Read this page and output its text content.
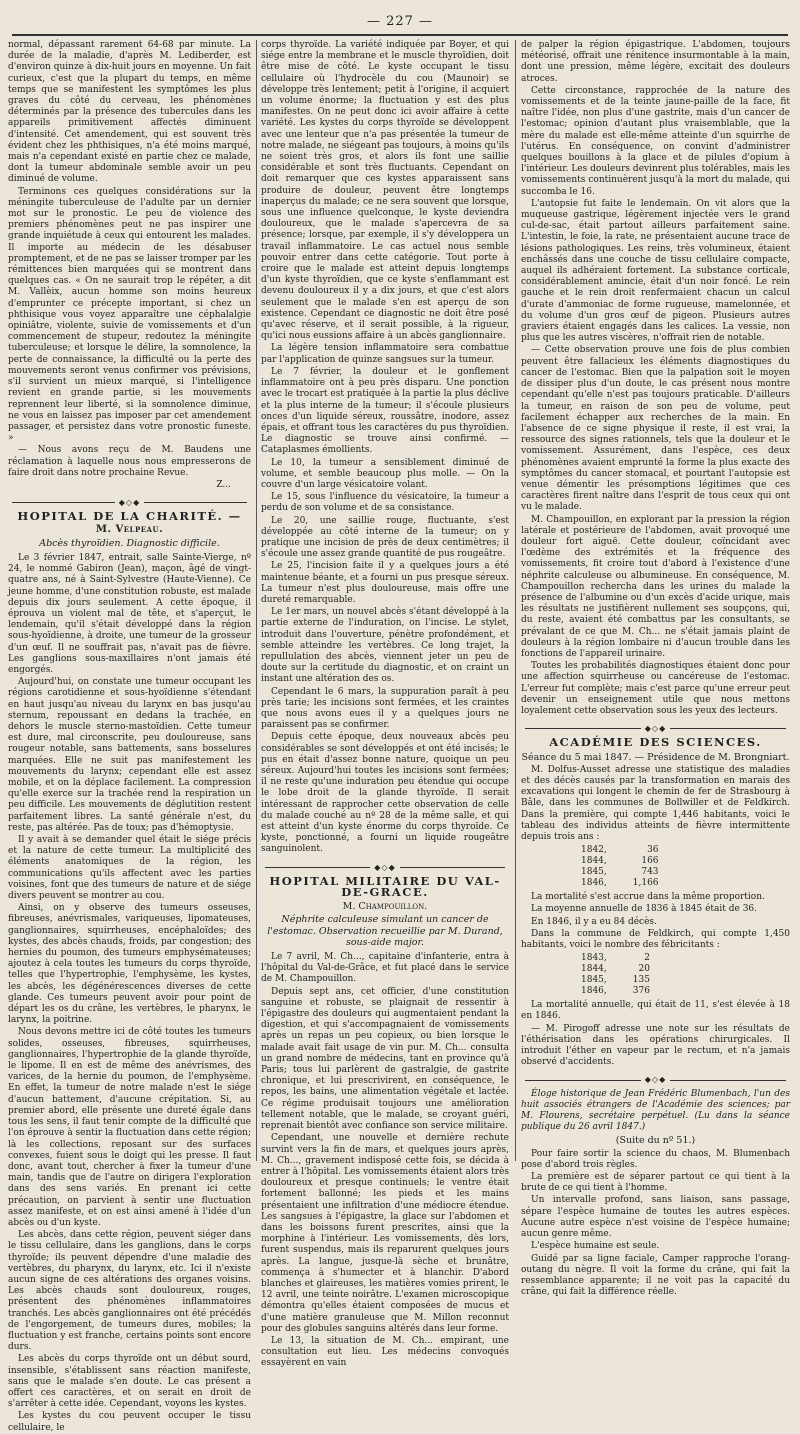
— 227 —

normal, dépassant rarement 64-68 par minute. La durée de la maladie, d'après M. Lediberder, est d'environ quinze à dix-huit jours en moyenne. Un fait curieux, c'est que la plupart du temps, en même temps que se manifestent les symptômes les plus graves du côté du cerveau, les phénomènes déterminés par la présence des tubercules dans les appareils primitivement affectés diminuent d'intensité. Cet amendement, qui est souvent très évident chez les phthisiques, n'a été moins marqué, mais n'a cependant existé en partie chez ce malade, dont la tumeur abdominale semble avoir un peu diminué de volume.

Terminons ces quelques considérations sur la méningite tuberculeuse de l'adulte par un dernier mot sur le pronostic. Le peu de violence des premiers phénomènes peut ne pas inspirer une grande inquiétude à ceux qui entourent les malades. Il importe au médecin de les désabuser promptement, et de ne pas se laisser tromper par les rémittences bien marquées qui se montrent dans quelques cas. « On ne saurait trop le répéter, a dit M. Vallèix, aucun homme son moins heureux d'emprunter ce précepte important, si chez un phthisique vous voyez apparaître une céphalalgie opiniâtre, violente, suivie de vomissements et d'un commencement de stupeur, redoutez la méningite tuberculeuse; et lorsque le délire, la somnolence, la perte de connaissance, la difficulté ou la perte des mouvements seront venus confirmer vos prévisions, s'il survient un mieux marqué, si l'intelligence revient en grande partie, si les mouvements reprennent leur liberté, si la somnolence diminue, ne vous en laissez pas imposer par cet amendement passager, et persistez dans votre pronostic funeste. »

— Nous avons reçu de M. Baudens une réclamation à laquelle nous nous empresserons de faire droit dans notre prochaine Revue.

Z...

◆◇◆
HOPITAL DE LA CHARITÉ. — M. Velpeau.
Abcès thyroïdien. Diagnostic difficile.

Le 3 février 1847, entrait, salle Sainte-Vierge, nº 24, le nommé Gabiron (Jean), maçon, âgé de vingt-quatre ans, né à Saint-Sylvestre (Haute-Vienne). Ce jeune homme, d'une constitution robuste, est malade depuis dix jours seulement. A cette époque, il éprouva un violent mal de tête, et s'aperçut, le lendemain, qu'il s'était développé dans la région sous-hyoïdienne, à droite, une tumeur de la grosseur d'un œuf. Il ne souffrait pas, n'avait pas de fièvre. Les ganglions sous-maxillaires n'ont jamais été engorgés.

Aujourd'hui, on constate une tumeur occupant les régions carotidienne et sous-hyoïdienne s'étendant en haut jusqu'au niveau du larynx en bas jusqu'au sternum, repoussant en dedans la trachée, en dehors le muscle sterno-mastoïdien. Cette tumeur est dure, mal circonscrite, peu douloureuse, sans rougeur notable, sans battements, sans bosselures marquées. Elle ne suit pas manifestement les mouvements du larynx; cependant elle est assez mobile, et on la déplace facilement. La compression qu'elle exerce sur la trachée rend la respiration un peu difficile. Les mouvements de déglutition restent parfaitement libres. La santé générale n'est, du reste, pas altérée. Pas de toux; pas d'hémoptysie.

Il y avait à se demander quel était le siége précis et la nature de cette tumeur. La multiplicité des éléments anatomiques de la région, les communications qu'ils affectent avec les parties voisines, font que des tumeurs de nature et de siége divers peuvent se montrer au cou.

Ainsi, on y observe des tumeurs osseuses, fibreuses, anévrismales, variqueuses, lipomateuses, ganglionnaires, squirrheuses, encéphaloïdes; des kystes, des abcès chauds, froids, par congestion; des hernies du poumon, des tumeurs emphysémateuses; ajoutez à cela toutes les tumeurs du corps thyroïde, telles que l'hypertrophie, l'emphysème, les kystes, les abcès, les dégénérescences diverses de cette glande. Ces tumeurs peuvent avoir pour point de départ les os du crâne, les vertèbres, le pharynx, le larynx, la poitrine.

Nous devons mettre ici de côté toutes les tumeurs solides, osseuses, fibreuses, squirrheuses, ganglionnaires, l'hypertrophie de la glande thyroïde, le lipome. Il en est de même des anévrismes, des varices, de la hernie du poumon, de l'emphysème. En effet, la tumeur de notre malade n'est le siége d'aucun battement, d'aucune crépitation. Si, au premier abord, elle présente une dureté égale dans tous les sens, il faut tenir compte de la difficulté que l'on éprouve à sentir la fluctuation dans cette région; là les collections, reposant sur des surfaces convexes, fuient sous le doigt qui les presse. Il faut donc, avant tout, chercher à fixer la tumeur d'une main, tandis que de l'autre on dirigera l'exploration dans des sens variés. En prenant ici cette précaution, on parvient à sentir une fluctuation assez manifeste, et on est ainsi amené à l'idée d'un abcès ou d'un kyste.

Les abcès, dans cette région, peuvent siéger dans le tissu cellulaire, dans les ganglions, dans le corps thyroïde; ils peuvent dépendre d'une maladie des vertèbres, du pharynx, du larynx, etc. Ici il n'existe aucun signe de ces altérations des organes voisins. Les abcès chauds sont douloureux, rouges, présentent des phénomènes inflammatoires tranchés. Les abcès ganglionnaires ont été précédés de l'engorgement, de tumeurs dures, mobiles; la fluctuation y est franche, certains points sont encore durs.

Les abcès du corps thyroïde ont un début sourd, insensible, s'établissent sans réaction manifeste, sans que le malade s'en doute. Le cas présent a offert ces caractères, et on serait en droit de s'arrêter à cette idée. Cependant, voyons les kystes.

Les kystes du cou peuvent occuper le tissu cellulaire, le

corps thyroïde. La variété indiquée par Boyer, et qui siége entre la membrane et le muscle thyroïdien, doit être mise de côté. Le kyste occupant le tissu cellulaire où l'hydrocèle du cou (Maunoir) se développe très lentement; petit à l'origine, il acquiert un volume énorme; la fluctuation y est des plus manifestes. On ne peut donc ici avoir affaire à cette variété. Les kystes du corps thyroïde se développent avec une lenteur que n'a pas présentée la tumeur de notre malade, ne siégeant pas toujours, à moins qu'ils ne soient très gros, et alors ils font une saillie considérable et sont très fluctuants. Cependant on doit remarquer que ces kystes apparaissent sans produire de douleur, peuvent être longtemps inaperçus du malade; ce ne sera souvent que lorsque, sous une influence quelconque, le kyste deviendra douloureux, que le malade s'apercevra de sa présence; lorsque, par exemple, il s'y développera un travail inflammatoire. Le cas actuel nous semble pouvoir entrer dans cette catégorie. Tout porte à croire que le malade est atteint depuis longtemps d'un kyste thyroïdien, que ce kyste s'enflammant est devenu douloureux il y a dix jours, et que c'est alors seulement que le malade s'en est aperçu de son existence. Cependant ce diagnostic ne doit être posé qu'avec réserve, et il serait possible, à la rigueur, qu'ici nous eussions affaire à un abcès ganglionnaire.

La légère tension inflammatoire sera combattue par l'application de quinze sangsues sur la tumeur.

Le 7 février, la douleur et le gonflement inflammatoire ont à peu près disparu. Une ponction avec le trocart est pratiquée à la partie la plus déclive et la plus interne de la tumeur; il s'écoule plusieurs onces d'un liquide séreux, roussâtre, inodore, assez épais, et offrant tous les caractères du pus thyroïdien. Le diagnostic se trouve ainsi confirmé. — Cataplasmes émollients.

Le 10, la tumeur a sensiblement diminué de volume, et semble beaucoup plus molle. — On la couvre d'un large vésicatoire volant.

Le 15, sous l'influence du vésicatoire, la tumeur a perdu de son volume et de sa consistance.

Le 20, une saillie rouge, fluctuante, s'est développée au côté interne de la tumeur; on y pratique une incision de près de deux centimètres; il s'écoule une assez grande quantité de pus rougeâtre.

Le 25, l'incision faite il y a quelques jours a été maintenue béante, et a fourni un pus presque séreux. La tumeur n'est plus douloureuse, mais offre une dureté remarquable.

Le 1er mars, un nouvel abcès s'étant développé à la partie externe de l'induration, on l'incise. Le stylet, introduit dans l'ouverture, pénètre profondément, et semble atteindre les vertèbres. Ce long trajet, la repullulation des abcès, viennent jeter un peu de doute sur la certitude du diagnostic, et on craint un instant une altération des os.

Cependant le 6 mars, la suppuration paraît à peu près tarie; les incisions sont fermées, et les craintes que nous avons eues il y a quelques jours ne paraissent pas se confirmer.

Depuis cette époque, deux nouveaux abcès peu considérables se sont développés et ont été incisés; le pus en était d'assez bonne nature, quoique un peu séreux. Aujourd'hui toutes les incisions sont fermées; il ne reste qu'une induration peu étendue qui occupe le lobe droit de la glande thyroïde. Il serait intéressant de rapprocher cette observation de celle du malade couché au nº 28 de la même salle, et qui est atteint d'un kyste énorme du corps thyroïde. Ce kyste, ponctionné, a fourni un liquide rougeâtre sanguinolent.

◆◇◆
HOPITAL MILITAIRE DU VAL-DE-GRACE.
M. Champouillon.
Néphrite calculeuse simulant un cancer de l'estomac. Observation recueillie par M. Durand, sous-aide major.

Le 7 avril, M. Ch..., capitaine d'infanterie, entra à l'hôpital du Val-de-Grâce, et fut placé dans le service de M. Champouillon.

Depuis sept ans, cet officier, d'une constitution sanguine et robuste, se plaignait de ressentir à l'épigastre des douleurs qui augmentaient pendant la digestion, et qui s'accompagnaient de vomissements après un repas un peu copieux, ou bien lorsque le malade avait fait usage de vin pur. M. Ch... consulta un grand nombre de médecins, tant en province qu'à Paris; tous lui parlèrent de gastralgie, de gastrite chronique, et lui prescrivirent, en conséquence, le repos, les bains, une alimentation végétale et lactée. Ce régime produisait toujours une amélioration tellement notable, que le malade, se croyant guéri, reprenait bientôt avec confiance son service militaire.

Cependant, une nouvelle et dernière rechute survint vers la fin de mars, et quelques jours après, M. Ch..., gravement indisposé cette fois, se décida à entrer à l'hôpital. Les vomissements étaient alors très douloureux et presque continuels; le ventre était fortement ballonné; les pieds et les mains présentaient une infiltration d'une médiocre étendue. Les sangsues à l'épigastre, la glace sur l'abdomen et dans les boissons furent prescrites, ainsi que la morphine à l'intérieur. Les vomissements, dès lors, furent suspendus, mais ils reparurent quelques jours après. La langue, jusque-là sèche et brunâtre, commença à s'humecter et à blanchir. D'abord blanches et glaireuses, les matières vomies prirent, le 12 avril, une teinte noirâtre. L'examen microscopique démontra qu'elles étaient composées de mucus et d'une matière granuleuse que M. Millon reconnut pour des globules sanguins altérés dans leur forme.

Le 13, la situation de M. Ch... empirant, une consultation eut lieu. Les médecins convoqués essayèrent en vain

de palper la région épigastrique. L'abdomen, toujours météorisé, offrait une rénitence insurmontable à la main, dont une pression, même légère, excitait des douleurs atroces.

Cette circonstance, rapprochée de la nature des vomissements et de la teinte jaune-paille de la face, fit naître l'idée, non plus d'une gastrite, mais d'un cancer de l'estomac; opinion d'autant plus vraisemblable, que la mère du malade est elle-même atteinte d'un squirrhe de l'utérus. En conséquence, on convint d'administrer quelques bouillons à la glace et de pilules d'opium à l'intérieur. Les douleurs devinrent plus tolérables, mais les vomissements continuèrent jusqu'à la mort du malade, qui succomba le 16.

L'autopsie fut faite le lendemain. On vit alors que la muqueuse gastrique, légèrement injectée vers le grand cul-de-sac, était partout ailleurs parfaitement saine. L'intestin, le foie, la rate, ne présentaient aucune trace de lésions pathologiques. Les reins, très volumineux, étaient enchâssés dans une couche de tissu cellulaire compacte, auquel ils adhéraient fortement. La substance corticale, considérablement amincie, était d'un noir foncé. Le rein gauche et le rein droit renfermaient chacun un calcul d'urate d'ammoniac de forme rugueuse, mamelonnée, et du volume d'un gros œuf de pigeon. Plusieurs autres graviers étaient engagés dans les calices. La vessie, non plus que les autres viscères, n'offrait rien de notable.

— Cette observation prouve une fois de plus combien peuvent être fallacieux les éléments diagnostiques du cancer de l'estomac. Bien que la palpation soit le moyen de dissiper plus d'un doute, le cas présent nous montre cependant qu'elle n'est pas toujours praticable. D'ailleurs la tumeur, en raison de son peu de volume, peut facilement échapper aux recherches de la main. En l'absence de ce signe physique il reste, il est vrai, la ressource des signes rationnels, tels que la douleur et le vomissement. Assurément, dans l'espèce, ces deux phénomènes avaient emprunté la forme la plus exacte des symptômes du cancer stomacal, et pourtant l'autopsie est venue démentir les présomptions légitimes que ces caractères firent naître dans l'esprit de tous ceux qui ont vu le malade.

M. Champouillon, en explorant par la pression la région latérale et postérieure de l'abdomen, avait provoqué une douleur fort aiguë. Cette douleur, coïncidant avec l'œdème des extrémités et la fréquence des vomissements, fit croire tout d'abord à l'existence d'une néphrite calculeuse ou albumineuse. En conséquence, M. Champouillon rechercha dans les urines du malade la présence de l'albumine ou d'un excès d'acide urique, mais les résultats ne justifièrent nullement ses soupçons, qui, du reste, avaient été combattus par les consultants, se prévalant de ce que M. Ch... ne s'était jamais plaint de douleurs à la région lombaire ni d'aucun trouble dans les fonctions de l'appareil urinaire.

Toutes les probabilités diagnostiques étaient donc pour une affection squirrheuse ou cancéreuse de l'estomac. L'erreur fut complète; mais c'est parce qu'une erreur peut devenir un enseignement utile que nous mettons loyalement cette observation sous les yeux des lecteurs.

◆◇◆
ACADÉMIE DES SCIENCES.
Séance du 5 mai 1847. — Présidence de M. Brongniart.

M. Dolfus-Ausset adresse une statistique des maladies et des décès causés par la transformation en marais des excavations qui longent le chemin de fer de Strasbourg à Bâle, dans les communes de Bollwiller et de Feldkirch. Dans la première, qui compte 1,446 habitants, voici le tableau des individus atteints de fièvre intermittente depuis trois ans :

1842,	36
1844,	166
1845,	743
1846,	1,166

La mortalité s'est accrue dans la même proportion.

La moyenne annuelle de 1836 à 1845 était de 36.

En 1846, il y a eu 84 décès.

Dans la commune de Feldkirch, qui compte 1,450 habitants, voici le nombre des fébricitants :

1843,	2
1844,	20
1845,	135
1846,	376

La mortalité annuelle, qui était de 11, s'est élevée à 18 en 1846.

— M. Pirogoff adresse une note sur les résultats de l'éthérisation dans les opérations chirurgicales. Il introduit l'éther en vapeur par le rectum, et n'a jamais observé d'accidents.

◆◇◆

Éloge historique de Jean Frédéric Blumenbach, l'un des huit associés étrangers de l'Académie des sciences; par M. Flourens, secrétaire perpétuel. (Lu dans la séance publique du 26 avril 1847.)

(Suite du nº 51.)

Pour faire sortir la science du chaos, M. Blumenbach pose d'abord trois règles.

La première est de séparer partout ce qui tient à la brute de ce qui tient à l'homme.

Un intervalle profond, sans liaison, sans passage, sépare l'espèce humaine de toutes les autres espèces. Aucune autre espèce n'est voisine de l'espèce humaine; aucun genre même.

L'espèce humaine est seule.

Guidé par sa ligne faciale, Camper rapproche l'orang-outang du nègre. Il voit la forme du crâne, qui fait la ressemblance apparente; il ne voit pas la capacité du crâne, qui fait la différence réelle.
